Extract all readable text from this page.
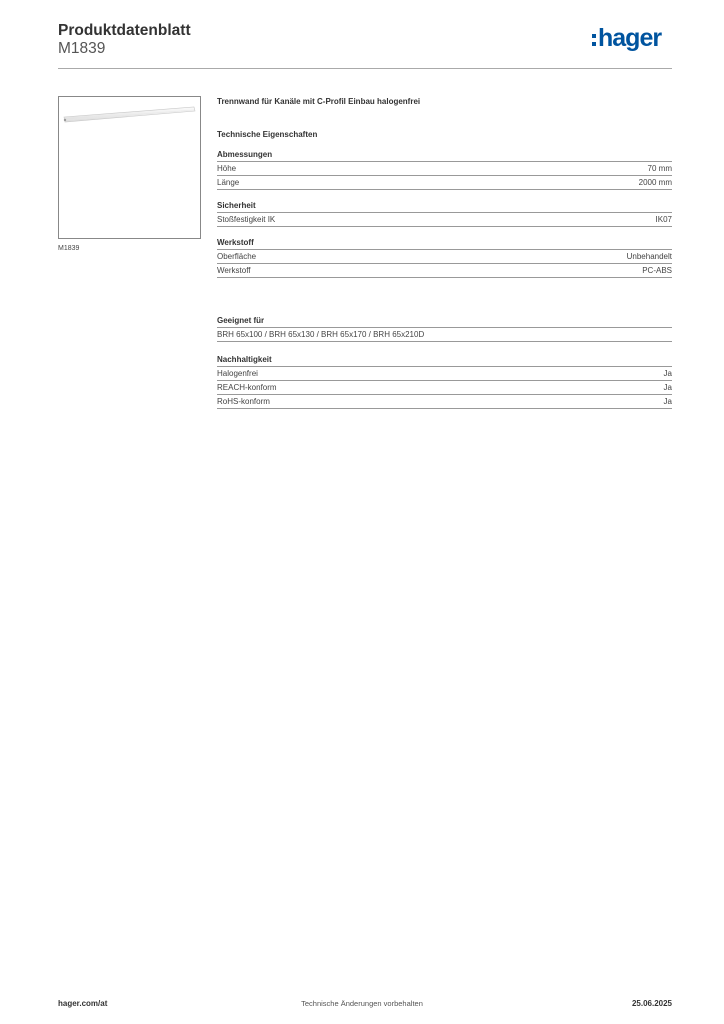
Produktdatenblatt
M1839	hager
M1839
Trennwand für Kanäle mit C-Profil Einbau halogenfrei
Technische Eigenschaften
Abmessungen
Höhe	70 mm
Länge	2000 mm
Sicherheit
Stoßfestigkeit IK	IK07
Werkstoff
Oberfläche	Unbehandelt
Werkstoff	PC-ABS
Geeignet für
BRH 65x100 / BRH 65x130 / BRH 65x170 / BRH 65x210D
Nachhaltigkeit
Halogenfrei	Ja
REACH-konform	Ja
RoHS-konform	Ja
hager.com/at	Technische Änderungen vorbehalten	25.06.2025
